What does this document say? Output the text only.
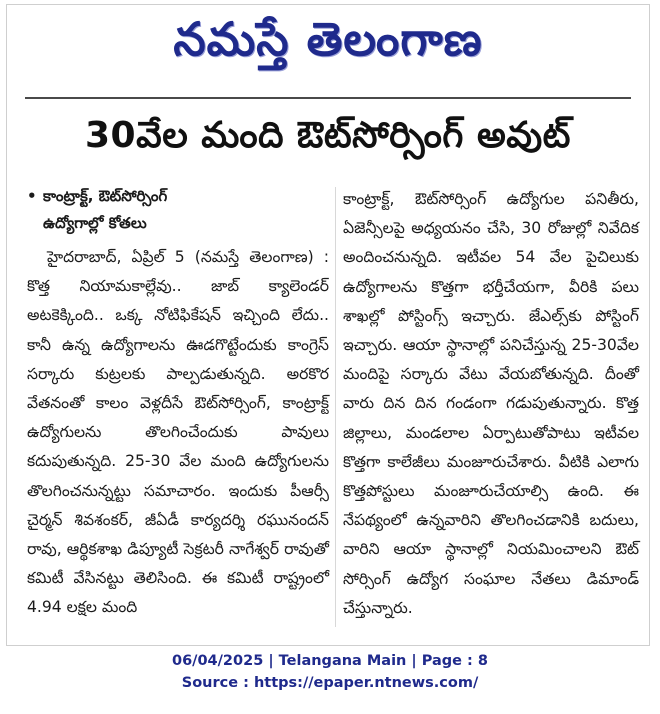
నమస్తే తెలంగాణ
30వేల మంది ఔట్‌సోర్సింగ్ అవుట్
• కాంట్రాక్ట్, ఔట్‌సోర్సింగ్
ఉద్యోగాల్లో కోతలు

హైదరాబాద్, ఏప్రిల్ 5 (నమస్తే తెలంగాణ) : కొత్త నియామకాల్లేవు.. జాబ్ క్యాలెండర్ అటకెక్కింది.. ఒక్క నోటిఫికేషన్ ఇచ్చింది లేదు.. కానీ ఉన్న ఉద్యోగాలను ఊడగొట్టేందుకు కాంగ్రెస్ సర్కారు కుట్రలకు పాల్పడుతున్నది. అరకొర వేతనంతో కాలం వెళ్లదీసే ఔట్‌సోర్సింగ్, కాంట్రాక్ట్ ఉద్యోగులను తొలగించేందుకు పావులు కదుపుతున్నది. 25-30 వేల మంది ఉద్యోగులను తొలగించనున్నట్టు సమాచారం. ఇందుకు పీఆర్సీ చైర్మన్ శివశంకర్, జీఏడీ కార్యదర్శి రఘునందన్ రావు, ఆర్థికశాఖ డిప్యూటీ సెక్రటరీ నాగేశ్వర్ రావుతో కమిటీ వేసినట్టు తెలిసింది. ఈ కమిటీ రాష్ట్రంలో 4.94 లక్షల మంది

కాంట్రాక్ట్, ఔట్‌సోర్సింగ్ ఉద్యోగుల పనితీరు, ఏజెన్సీలపై అధ్యయనం చేసి, 30 రోజుల్లో నివేదిక అందించనున్నది. ఇటీవల 54 వేల పైచిలుకు ఉద్యోగాలను కొత్తగా భర్తీచేయగా, వీరికి పలు శాఖల్లో పోస్టింగ్స్ ఇచ్చారు. జేఎల్స్‌కు పోస్టింగ్ ఇచ్చారు. ఆయా స్థానాల్లో పనిచేస్తున్న 25-30వేల మందిపై సర్కారు వేటు వేయబోతున్నది. దీంతో వారు దిన దిన గండంగా గడుపుతున్నారు. కొత్త జిల్లాలు, మండలాల ఏర్పాటుతోపాటు ఇటీవల కొత్తగా కాలేజీలు మంజూరుచేశారు. వీటికి ఎలాగు కొత్తపోస్టులు మంజూరుచేయాల్సి ఉంది. ఈ నేపథ్యంలో ఉన్నవారిని తొలగించడానికి బదులు, వారిని ఆయా స్థానాల్లో నియమించాలని ఔట్ సోర్సింగ్ ఉద్యోగ సంఘాల నేతలు డిమాండ్ చేస్తున్నారు.

06/04/2025 | Telangana Main | Page : 8
Source : https://epaper.ntnews.com/
